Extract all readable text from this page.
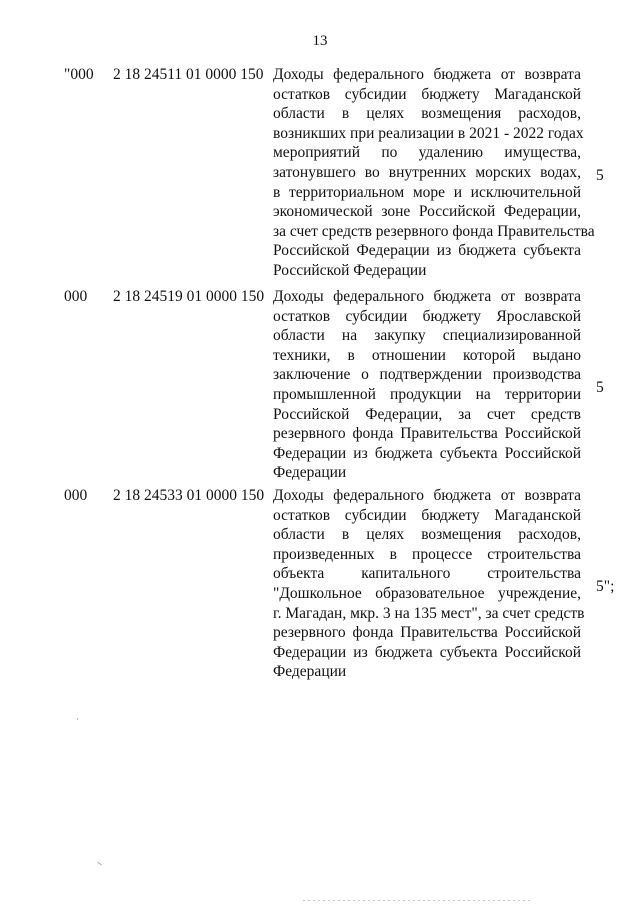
13
"000 2 18 24511 01 0000 150 Доходы федерального бюджета от возврата
остатков субсидии бюджету Магаданской
области в целях возмещения расходов,
возникших при реализации в 2021 - 2022 годах
мероприятий по удалению имущества,
затонувшего во внутренних морских водах,
в территориальном море и исключительной
экономической зоне Российской Федерации,
за счет средств резервного фонда Правительства
Российской Федерации из бюджета субъекта
Российской Федерации
5
000 2 18 24519 01 0000 150 Доходы федерального бюджета от возврата
остатков субсидии бюджету Ярославской
области на закупку специализированной
техники, в отношении которой выдано
заключение о подтверждении производства
промышленной продукции на территории
Российской Федерации, за счет средств
резервного фонда Правительства Российской
Федерации из бюджета субъекта Российской
Федерации
5
000 2 18 24533 01 0000 150 Доходы федерального бюджета от возврата
остатков субсидии бюджету Магаданской
области в целях возмещения расходов,
произведенных в процессе строительства
объекта капитального строительства
"Дошкольное образовательное учреждение,
г. Магадан, мкр. 3 на 135 мест", за счет средств
резервного фонда Правительства Российской
Федерации из бюджета субъекта Российской
Федерации
5";
